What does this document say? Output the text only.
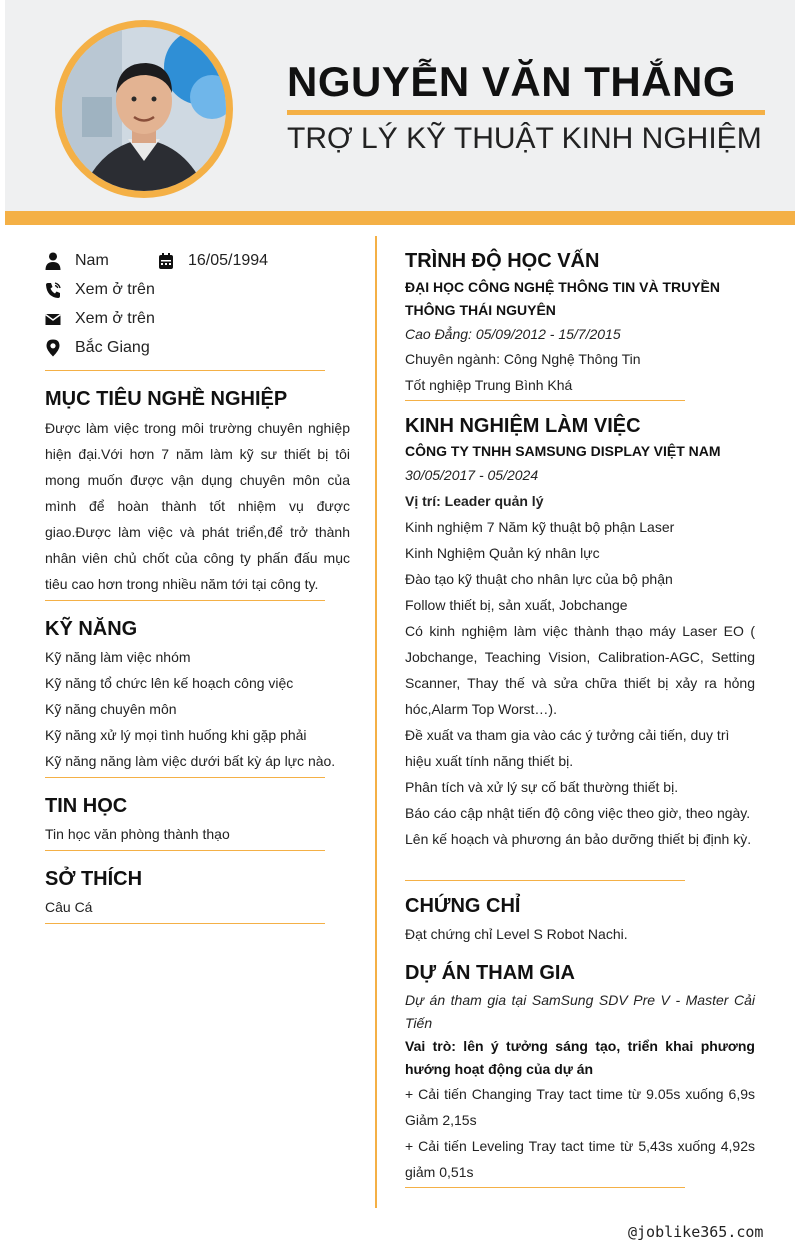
NGUYỄN VĂN THẮNG
TRỢ LÝ KỸ THUẬT KINH NGHIỆM
Nam	16/05/1994
Xem ở trên
Xem ở trên
Bắc Giang
MỤC TIÊU NGHỀ NGHIỆP
Được làm việc trong môi trường chuyên nghiệp hiện đại.Với hơn 7 năm làm kỹ sư thiết bị tôi mong muốn được vận dụng chuyên môn của mình để hoàn thành tốt nhiệm vụ được giao.Được làm việc và phát triển,để trở thành nhân viên chủ chốt của công ty phấn đấu mục tiêu cao hơn trong nhiều năm tới tại công ty.
KỸ NĂNG
Kỹ năng làm việc nhóm
Kỹ năng tổ chức lên kế hoạch công việc
Kỹ năng chuyên môn
Kỹ năng xử lý mọi tình huống khi gặp phải
Kỹ năng năng làm việc dưới bất kỳ áp lực nào.
TIN HỌC
Tin học văn phòng thành thạo
SỞ THÍCH
Câu Cá
TRÌNH ĐỘ HỌC VẤN
ĐẠI HỌC CÔNG NGHỆ THÔNG TIN VÀ TRUYỀN THÔNG THÁI NGUYÊN
Cao Đẳng: 05/09/2012 - 15/7/2015
Chuyên ngành: Công Nghệ Thông Tin
Tốt nghiệp Trung Bình Khá
KINH NGHIỆM LÀM VIỆC
CÔNG TY TNHH SAMSUNG DISPLAY VIỆT NAM
30/05/2017 - 05/2024
Vị trí: Leader quản lý
Kinh nghiệm 7 Năm kỹ thuật bộ phận Laser
Kinh Nghiệm Quản ký nhân lực
Đào tạo kỹ thuật cho nhân lực của bộ phận
Follow thiết bị, sản xuất, Jobchange
Có kinh nghiệm làm việc thành thạo máy Laser EO ( Jobchange, Teaching Vision, Calibration-AGC, Setting Scanner, Thay thế và sửa chữa thiết bị xảy ra hỏng hóc,Alarm Top Worst…).
Đề xuất va tham gia vào các ý tưởng cải tiến, duy trì hiệu xuất tính năng thiết bị.
Phân tích và xử lý sự cố bất thường thiết bị.
Báo cáo cập nhật tiến độ công việc theo giờ, theo ngày.
Lên kế hoạch và phương án bảo dưỡng thiết bị định kỳ.
CHỨNG CHỈ
Đạt chứng chỉ Level S Robot Nachi.
DỰ ÁN THAM GIA
Dự án tham gia tại SamSung SDV Pre V - Master Cải Tiến
Vai trò: lên ý tưởng sáng tạo, triển khai phương hướng hoạt động của dự án
+ Cải tiến Changing Tray tact time từ 9.05s xuống 6,9s Giảm 2,15s
+ Cải tiến Leveling Tray tact time từ 5,43s xuống 4,92s giảm 0,51s
@joblike365.com
